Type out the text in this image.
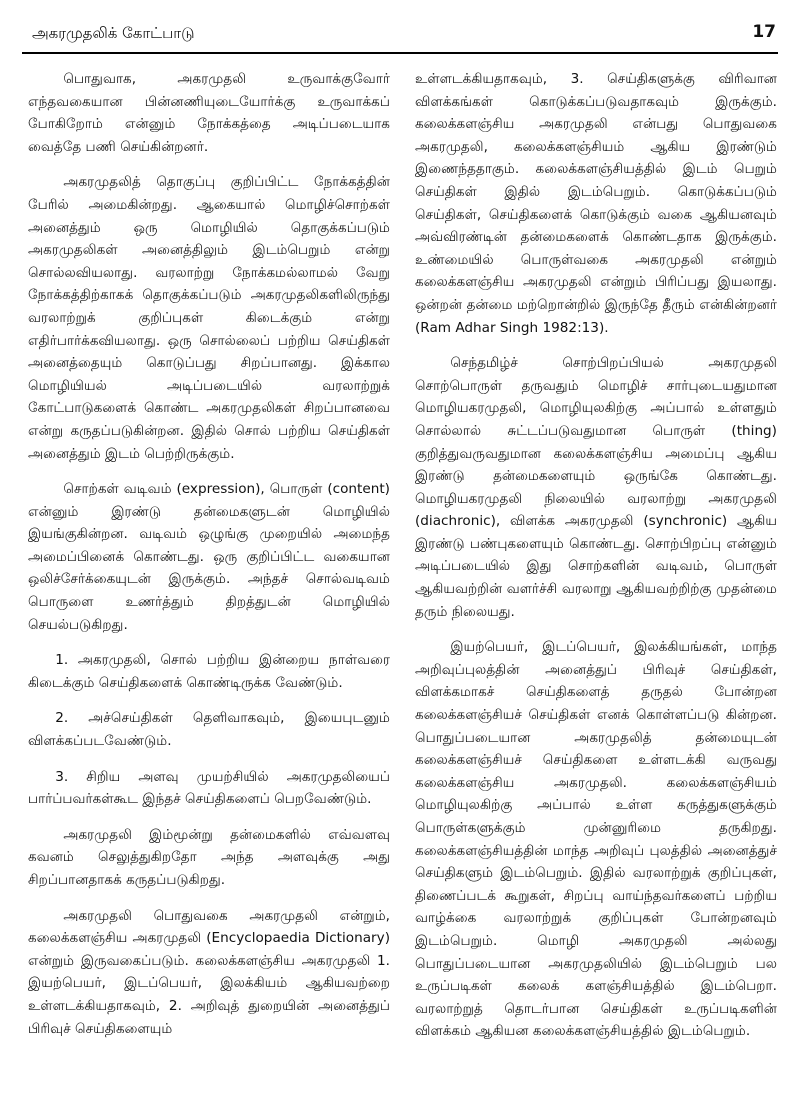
அகரமுதலிக் கோட்பாடு	17

பொதுவாக, அகரமுதலி உருவாக்குவோர் எந்தவகையான பின்னணியுடையோர்க்கு உருவாக்கப் போகிறோம் என்னும் நோக்கத்தை அடிப்படையாக வைத்தே பணி செய்கின்றனர்.

அகரமுதலித் தொகுப்பு குறிப்பிட்ட நோக்கத்தின் பேரில் அமைகின்றது. ஆகையால் மொழிச்சொற்கள் அனைத்தும் ஒரு மொழியில் தொகுக்கப்படும் அகரமுதலிகள் அனைத்திலும் இடம்பெறும் என்று சொல்லவியலாது. வரலாற்று நோக்கமல்லாமல் வேறு நோக்கத்திற்காகக் தொகுக்கப்படும் அகரமுதலிகளிலிருந்து வரலாற்றுக் குறிப்புகள் கிடைக்கும் என்று எதிர்பார்க்கவியலாது. ஒரு சொல்லைப் பற்றிய செய்திகள் அனைத்தையும் கொடுப்பது சிறப்பானது. இக்கால மொழியியல் அடிப்படையில் வரலாற்றுக் கோட்பாடுகளைக் கொண்ட அகரமுதலிகள் சிறப்பானவை என்று கருதப்படுகின்றன. இதில் சொல் பற்றிய செய்திகள் அனைத்தும் இடம் பெற்றிருக்கும்.

சொற்கள் வடிவம் (expression), பொருள் (content) என்னும் இரண்டு தன்மைகளுடன் மொழியில் இயங்குகின்றன. வடிவம் ஒழுங்கு முறையில் அமைந்த அமைப்பினைக் கொண்டது. ஒரு குறிப்பிட்ட வகையான ஒலிச்சேர்க்கையுடன் இருக்கும். அந்தச் சொல்வடிவம் பொருளை உணர்த்தும் திறத்துடன் மொழியில் செயல்படுகிறது.

1. அகரமுதலி, சொல் பற்றிய இன்றைய நாள்வரை கிடைக்கும் செய்திகளைக் கொண்டிருக்க வேண்டும்.

2. அச்செய்திகள் தெளிவாகவும், இயைபுடனும் விளக்கப்படவேண்டும்.

3. சிறிய அளவு முயற்சியில் அகரமுதலியைப் பார்ப்பவர்கள்கூட இந்தச் செய்திகளைப் பெறவேண்டும்.

அகரமுதலி இம்மூன்று தன்மைகளில் எவ்வளவு கவனம் செலுத்துகிறதோ அந்த அளவுக்கு அது சிறப்பானதாகக் கருதப்படுகிறது.

அகரமுதலி பொதுவகை அகரமுதலி என்றும், கலைக்களஞ்சிய அகரமுதலி (Encyclopaedia Dictionary) என்றும் இருவகைப்படும். கலைக்களஞ்சிய அகரமுதலி 1. இயற்பெயர், இடப்பெயர், இலக்கியம் ஆகியவற்றை உள்ளடக்கியதாகவும், 2. அறிவுத் துறையின் அனைத்துப் பிரிவுச் செய்திகளையும்

உள்ளடக்கியதாகவும், 3. செய்திகளுக்கு விரிவான விளக்கங்கள் கொடுக்கப்படுவதாகவும் இருக்கும். கலைக்களஞ்சிய அகரமுதலி என்பது பொதுவகை அகரமுதலி, கலைக்களஞ்சியம் ஆகிய இரண்டும் இணைந்ததாகும். கலைக்களஞ்சியத்தில் இடம் பெறும் செய்திகள் இதில் இடம்பெறும். கொடுக்கப்படும் செய்திகள், செய்திகளைக் கொடுக்கும் வகை ஆகியனவும் அவ்விரண்டின் தன்மைகளைக் கொண்டதாக இருக்கும். உண்மையில் பொருள்வகை அகரமுதலி என்றும் கலைக்களஞ்சிய அகரமுதலி என்றும் பிரிப்பது இயலாது. ஒன்றன் தன்மை மற்றொன்றில் இருந்தே தீரும் என்கின்றனர் (Ram Adhar Singh 1982:13).

செந்தமிழ்ச் சொற்பிறப்பியல் அகரமுதலி சொற்பொருள் தருவதும் மொழிச் சார்புடையதுமான மொழியகரமுதலி, மொழியுலகிற்கு அப்பால் உள்ளதும் சொல்லால் சுட்டப்படுவதுமான பொருள் (thing) குறித்துவருவதுமான கலைக்களஞ்சிய அமைப்பு ஆகிய இரண்டு தன்மைகளையும் ஒருங்கே கொண்டது. மொழியகரமுதலி நிலையில் வரலாற்று அகரமுதலி (diachronic), விளக்க அகரமுதலி (synchronic) ஆகிய இரண்டு பண்புகளையும் கொண்டது. சொற்பிறப்பு என்னும் அடிப்படையில் இது சொற்களின் வடிவம், பொருள் ஆகியவற்றின் வளர்ச்சி வரலாறு ஆகியவற்றிற்கு முதன்மை தரும் நிலையது.

இயற்பெயர், இடப்பெயர், இலக்கியங்கள், மாந்த அறிவுப்புலத்தின் அனைத்துப் பிரிவுச் செய்திகள், விளக்கமாகச் செய்திகளைத் தருதல் போன்றன கலைக்களஞ்சியச் செய்திகள் எனக் கொள்ளப்படு கின்றன. பொதுப்படையான அகரமுதலித் தன்மையுடன் கலைக்களஞ்சியச் செய்திகளை உள்ளடக்கி வருவது கலைக்களஞ்சிய அகரமுதலி. கலைக்களஞ்சியம் மொழியுலகிற்கு அப்பால் உள்ள கருத்துகளுக்கும் பொருள்களுக்கும் முன்னுரிமை தருகிறது. கலைக்களஞ்சியத்தின் மாந்த அறிவுப் புலத்தில் அனைத்துச் செய்திகளும் இடம்பெறும். இதில் வரலாற்றுக் குறிப்புகள், திணைப்படக் கூறுகள், சிறப்பு வாய்ந்தவர்களைப் பற்றிய வாழ்க்கை வரலாற்றுக் குறிப்புகள் போன்றனவும் இடம்பெறும். மொழி அகரமுதலி அல்லது பொதுப்படையான அகரமுதலியில் இடம்பெறும் பல உருப்படிகள் கலைக் களஞ்சியத்தில் இடம்பெறா. வரலாற்றுத் தொடர்பான செய்திகள் உருப்படிகளின் விளக்கம் ஆகியன கலைக்களஞ்சியத்தில் இடம்பெறும்.
